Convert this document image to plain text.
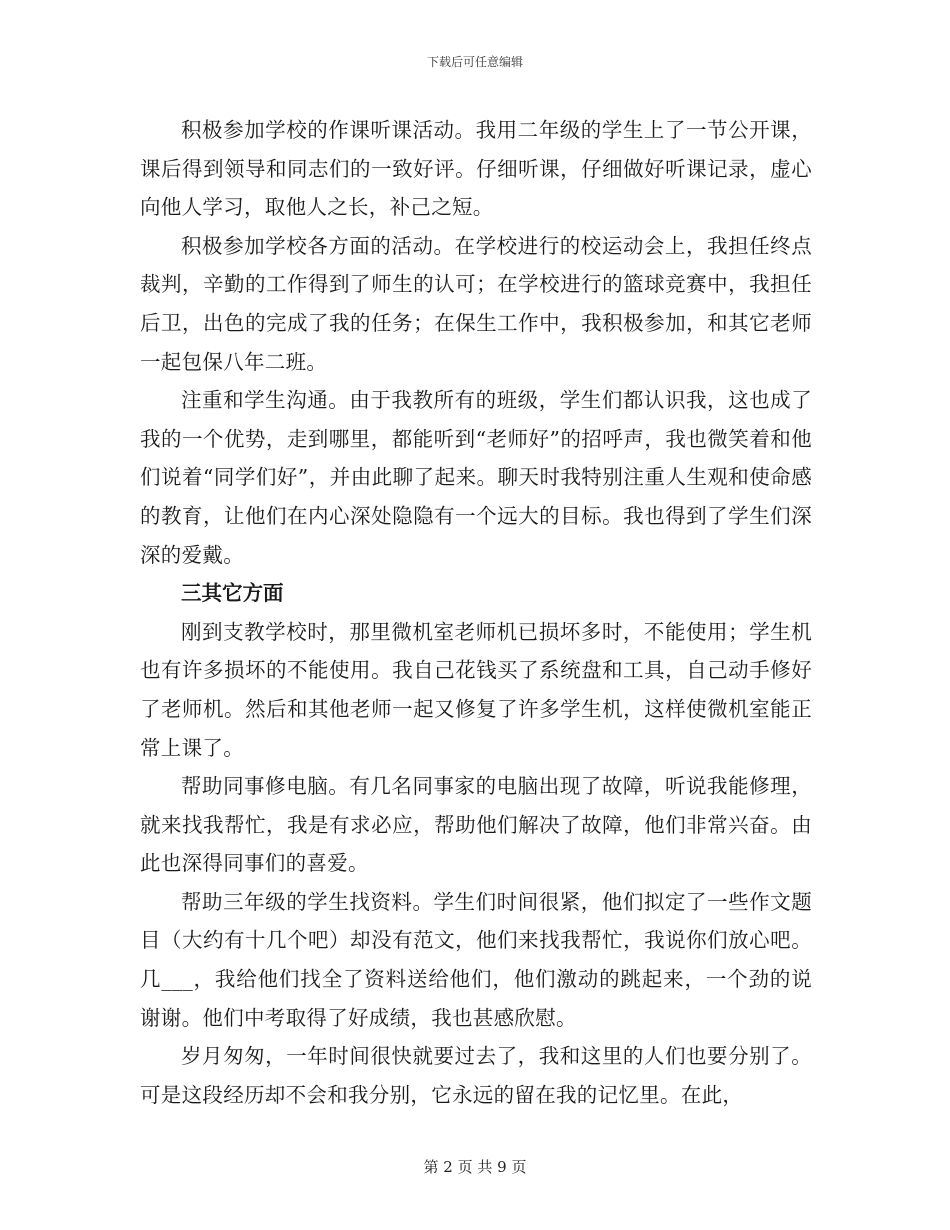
下载后可任意编辑

积极参加学校的作课听课活动。我用二年级的学生上了一节公开课，课后得到领导和同志们的一致好评。仔细听课，仔细做好听课记录，虚心向他人学习，取他人之长，补己之短。

积极参加学校各方面的活动。在学校进行的校运动会上，我担任终点裁判，辛勤的工作得到了师生的认可；在学校进行的篮球竞赛中，我担任后卫，出色的完成了我的任务；在保生工作中，我积极参加，和其它老师一起包保八年二班。

注重和学生沟通。由于我教所有的班级，学生们都认识我，这也成了我的一个优势，走到哪里，都能听到“老师好”的招呼声，我也微笑着和他们说着“同学们好”，并由此聊了起来。聊天时我特别注重人生观和使命感的教育，让他们在内心深处隐隐有一个远大的目标。我也得到了学生们深深的爱戴。

三其它方面

刚到支教学校时，那里微机室老师机已损坏多时，不能使用；学生机也有许多损坏的不能使用。我自己花钱买了系统盘和工具，自己动手修好了老师机。然后和其他老师一起又修复了许多学生机，这样使微机室能正常上课了。

帮助同事修电脑。有几名同事家的电脑出现了故障，听说我能修理，就来找我帮忙，我是有求必应，帮助他们解决了故障，他们非常兴奋。由此也深得同事们的喜爱。

帮助三年级的学生找资料。学生们时间很紧，他们拟定了一些作文题目（大约有十几个吧）却没有范文，他们来找我帮忙，我说你们放心吧。几___，我给他们找全了资料送给他们，他们激动的跳起来，一个劲的说谢谢。他们中考取得了好成绩，我也甚感欣慰。

岁月匆匆，一年时间很快就要过去了，我和这里的人们也要分别了。可是这段经历却不会和我分别，它永远的留在我的记忆里。在此，

第 2 页 共 9 页
